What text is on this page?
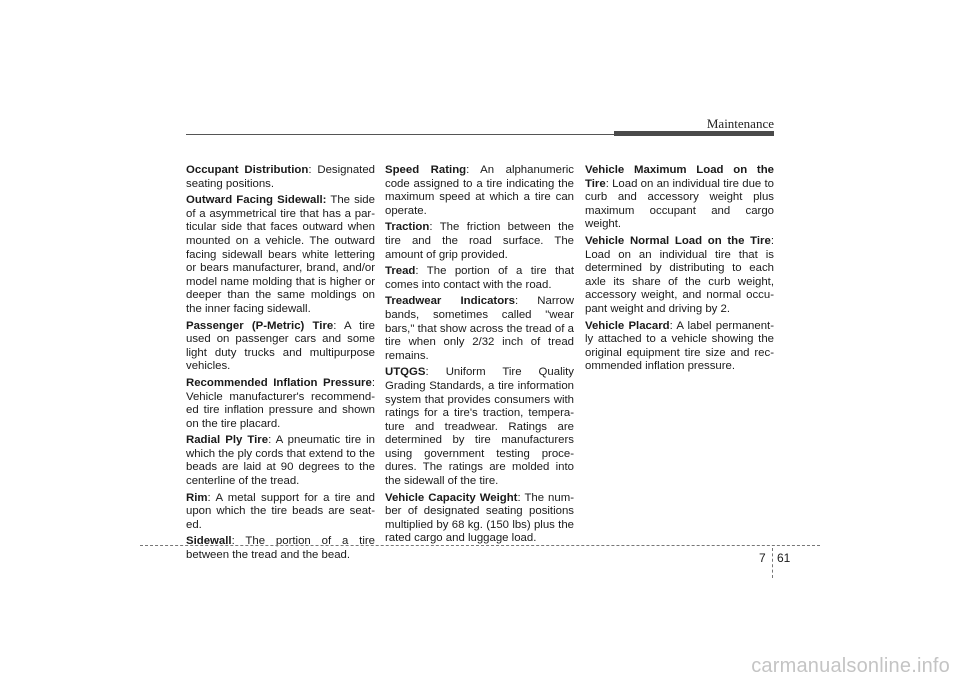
Maintenance

Occupant Distribution: Designated seating positions.

Outward Facing Sidewall: The side of a asymmetrical tire that has a par-ticular side that faces outward when mounted on a vehicle. The outward facing sidewall bears white lettering or bears manufacturer, brand, and/or model name molding that is higher or deeper than the same moldings on the inner facing sidewall.

Passenger (P-Metric) Tire: A tire used on passenger cars and some light duty trucks and multipurpose vehicles.

Recommended Inflation Pressure: Vehicle manufacturer's recommend-ed tire inflation pressure and shown on the tire placard.

Radial Ply Tire: A pneumatic tire in which the ply cords that extend to the beads are laid at 90 degrees to the centerline of the tread.

Rim: A metal support for a tire and upon which the tire beads are seat-ed.

Sidewall: The portion of a tire between the tread and the bead.

Speed Rating: An alphanumeric code assigned to a tire indicating the maximum speed at which a tire can operate.

Traction: The friction between the tire and the road surface. The amount of grip provided.

Tread: The portion of a tire that comes into contact with the road.

Treadwear Indicators: Narrow bands, sometimes called "wear bars," that show across the tread of a tire when only 2/32 inch of tread remains.

UTQGS: Uniform Tire Quality Grading Standards, a tire information system that provides consumers with ratings for a tire's traction, tempera-ture and treadwear. Ratings are determined by tire manufacturers using government testing proce-dures. The ratings are molded into the sidewall of the tire.

Vehicle Capacity Weight: The num-ber of designated seating positions multiplied by 68 kg. (150 lbs) plus the rated cargo and luggage load.

Vehicle Maximum Load on the Tire: Load on an individual tire due to curb and accessory weight plus maximum occupant and cargo weight.

Vehicle Normal Load on the Tire: Load on an individual tire that is determined by distributing to each axle its share of the curb weight, accessory weight, and normal occu-pant weight and driving by 2.

Vehicle Placard: A label permanent-ly attached to a vehicle showing the original equipment tire size and rec-ommended inflation pressure.

7 61
carmanualsonline.info
